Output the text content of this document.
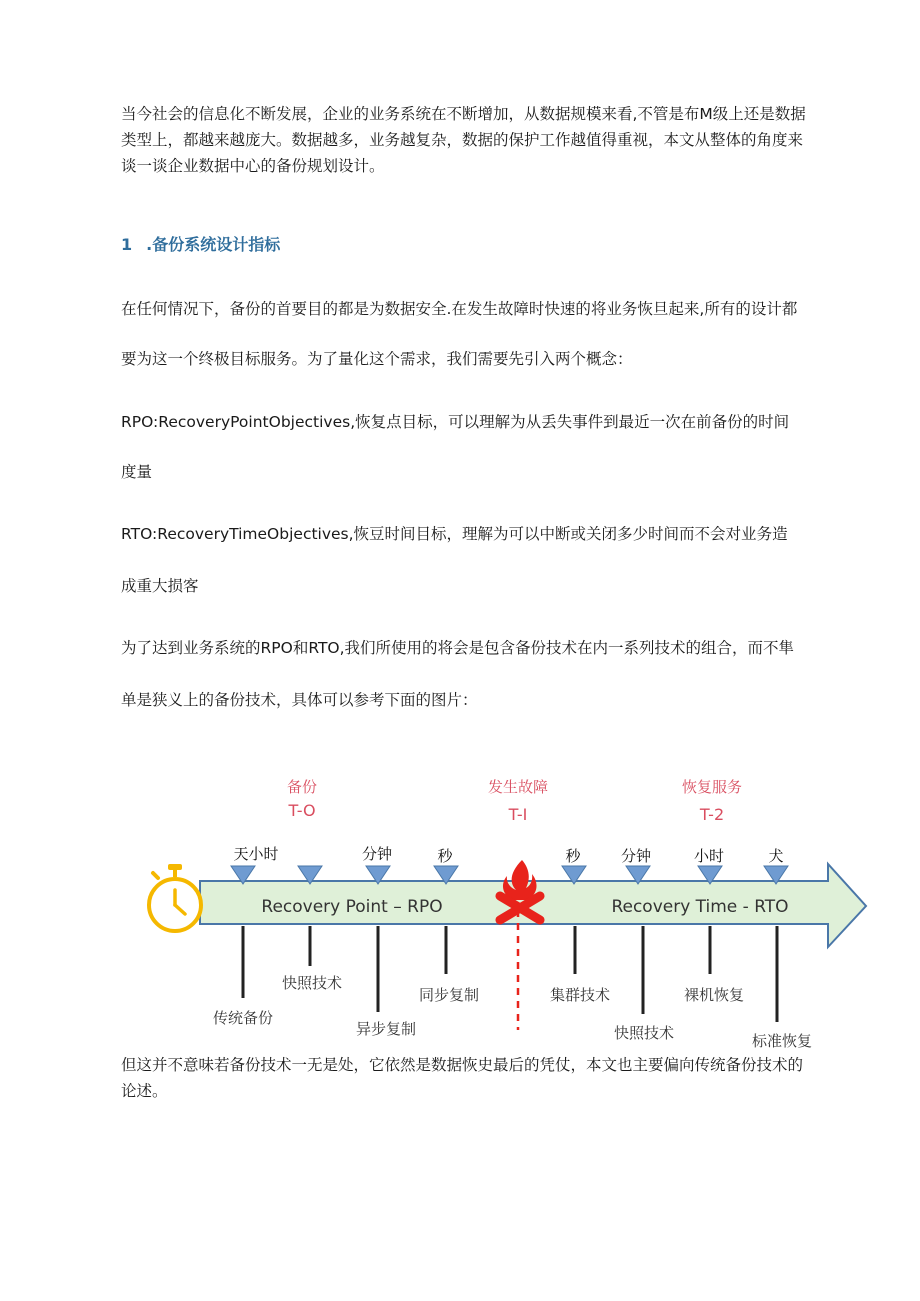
当今社会的信息化不断发展，企业的业务系统在不断增加，从数据规模来看,不管是布M级上还是数据类型上，都越来越庞大。数据越多，业务越复杂，数据的保护工作越值得重视，本文从整体的角度来谈一谈企业数据中心的备份规划设计。

1 .备份系统设计指标

在任何情况下，备份的首要目的都是为数据安全.在发生故障时快速的将业务恢旦起来,所有的设计都

要为这一个终极目标服务。为了量化这个需求，我们需要先引入两个概念：

RPO:RecoveryPointObjectives,恢复点目标，可以理解为从丢失事件到最近一次在前备份的时间

度量

RTO:RecoveryTimeObjectives,恢豆时间目标，理解为可以中断或关闭多少时间而不会对业务造

成重大损客

为了达到业务系统的RPO和RTO,我们所使用的将会是包含备份技术在内一系列技术的组合，而不隼

单是狭义上的备份技术，具体可以参考下面的图片：

备份
T-O
发生故障
T-I
恢复服务
T-2
天小时	分钟	秒	秒	分钟	小时	犬
Recovery Point – RPO	Recovery Time - RTO
传统备份
快照技术
异步复制
同步复制	集群技术
快照技术
裸机恢复
标准恢复

但这并不意味若备份技术一无是处，它依然是数据恢史最后的凭仗，本文也主要偏向传统备份技术的论述。
